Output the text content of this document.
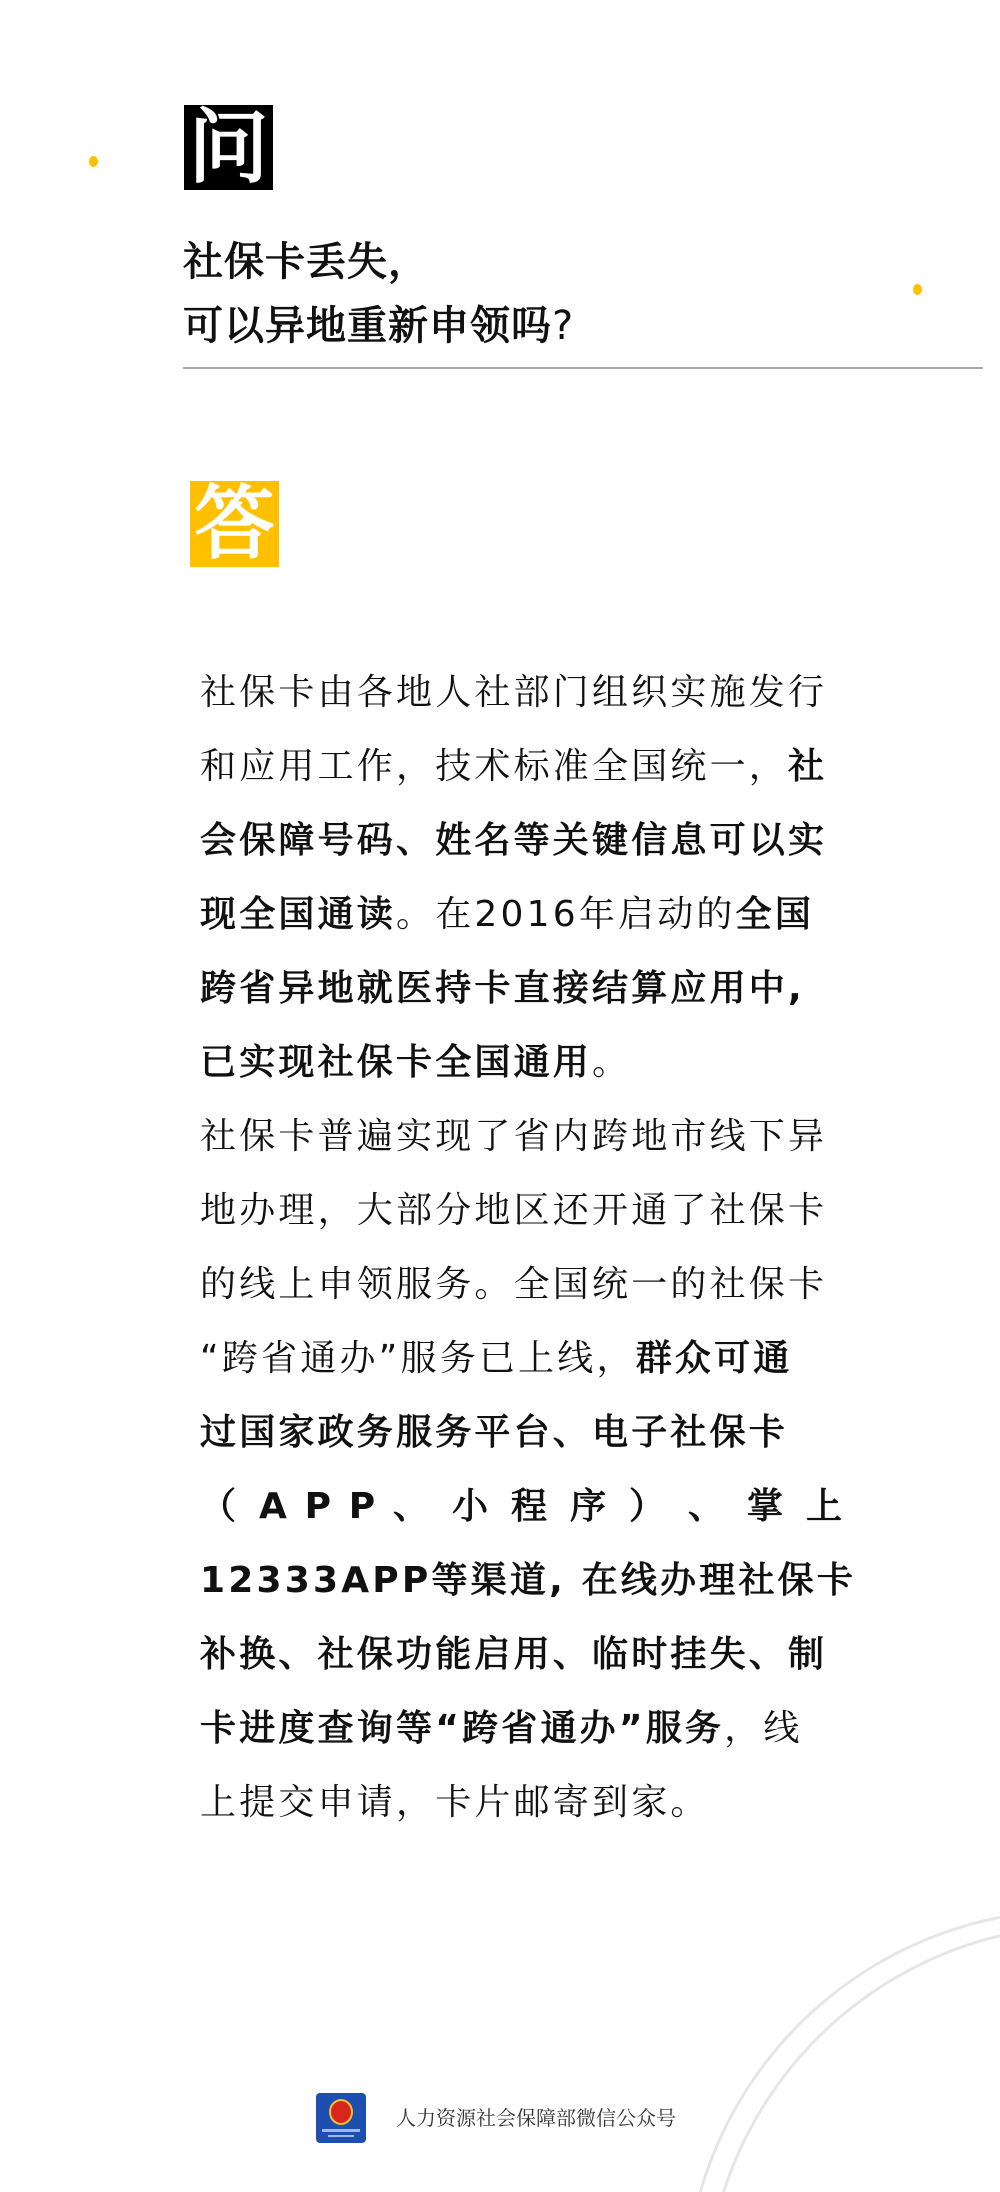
问
社保卡丢失，
可以异地重新申领吗?
答
社保卡由各地人社部门组织实施发行
和应用工作，技术标准全国统一，社
会保障号码、姓名等关键信息可以实
现全国通读。在2016年启动的全国
跨省异地就医持卡直接结算应用中,
已实现社保卡全国通用。
社保卡普遍实现了省内跨地市线下异
地办理，大部分地区还开通了社保卡
的线上申领服务。全国统一的社保卡
“跨省通办”服务已上线，群众可通
过国家政务服务平台、电子社保卡
（ A P P 、 小 程 序 ） 、 掌 上
12333APP等渠道, 在线办理社保卡
补换、社保功能启用、临时挂失、制
卡进度查询等“跨省通办”服务，线
上提交申请，卡片邮寄到家。
人力资源社会保障部微信公众号
